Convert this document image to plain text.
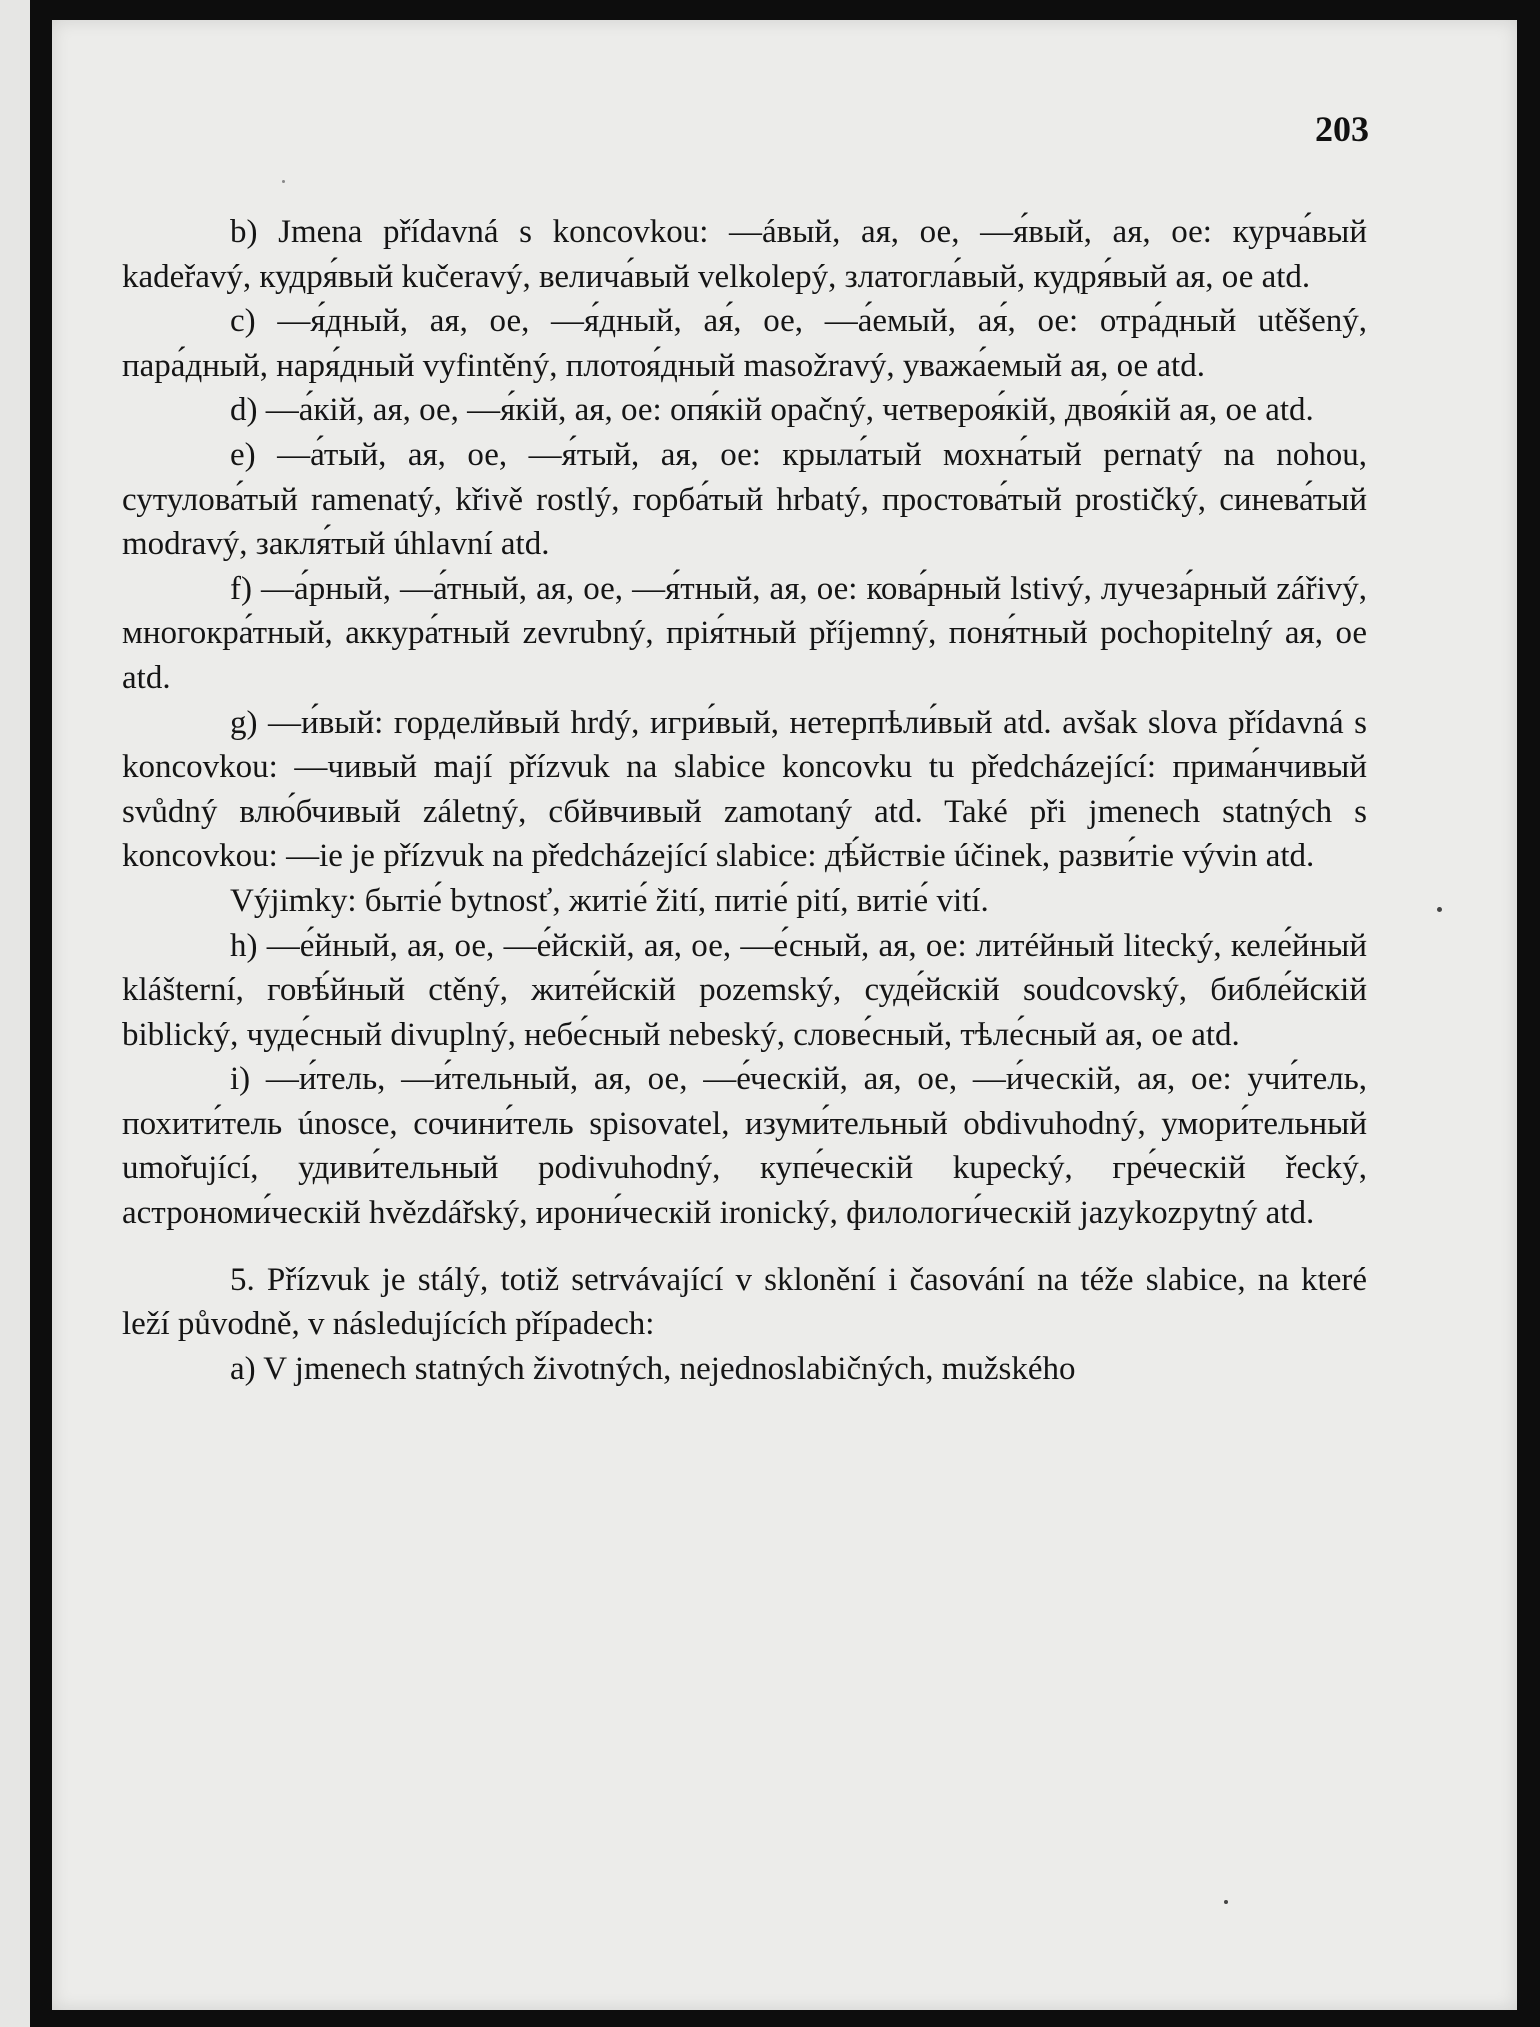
203

b) Jmena přídavná s koncovkou: —áвый, ая, ое, —я́вый, ая, ое: курча́вый kadeřavý, кудря́вый kučeravý, велича́вый velkolepý, златогла́вый, кудря́вый ая, ое atd.

c) —я́дный, ая, ое, —я́дный, ая́, ое, —а́емый, ая́, ое: отра́дный utěšený, пара́дный, наря́дный vyfintěný, плотоя́дный masožravý, уважа́емый ая, ое atd.

d) —а́кій, ая, ое, —я́кій, ая, ое: опя́кій opačný, четвероя́кій, двоя́кій ая, ое atd.

e) —а́тый, ая, ое, —я́тый, ая, ое: крыла́тый мохна́тый pernatý na nohou, сутулова́тый ramenatý, křivě rostlý, горба́тый hrbatý, простова́тый prostičký, синева́тый modravý, закля́тый úhlavní atd.

f) —а́рный, —а́тный, ая, ое, —я́тный, ая, ое: кова́рный lstivý, лучеза́рный zářivý, многокра́тный, аккура́тный zevrubný, прія́тный příjemný, поня́тный pochopitelný ая, ое atd.

g) —и́вый: горделйвый hrdý, игри́вый, нетерпѣли́вый atd. avšak slova přídavná s koncovkou: —чивый mají přízvuk na slabice koncovku tu předcházející: прима́нчивый svůdný влю́бчивый záletný, сбйвчивый zamotaný atd. Také při jmenech statných s koncovkou: —ie je přízvuk na předcházející slabice: дѣ́йствіе účinek, разви́тіе vývin atd.

Výjimky: бытіе́ bytnosť, житіе́ žití, питіе́ pití, витіе́ vití.

h) —е́йный, ая, ое, —е́йскій, ая, ое, —е́сный, ая, ое: литéйный litecký, келе́йный klášterní, говѣ́йный ctěný, жите́йскій pozemský, суде́йскій soudcovský, библе́йскій biblický, чуде́сный divuplný, небе́сный nebeský, слове́сный, тѣле́сный ая, ое atd.

i) —и́тель, —и́тельный, ая, ое, —е́ческій, ая, ое, —и́ческій, ая, ое: учи́тель, похити́тель únosce, сочини́тель spisovatel, изуми́тельный obdivuhodný, умори́тельный umořující, удиви́тельный podivuhodný, купе́ческій kupecký, гре́ческій řecký, астрономи́ческій hvězdářský, ирони́ческій ironický, филологи́ческій jazykozpytný atd.

5. Přízvuk je stálý, totiž setrvávající v sklonění i časování na téže slabice, na které leží původně, v následujících případech:

a) V jmenech statných životných, nejednoslabičných, mužského
